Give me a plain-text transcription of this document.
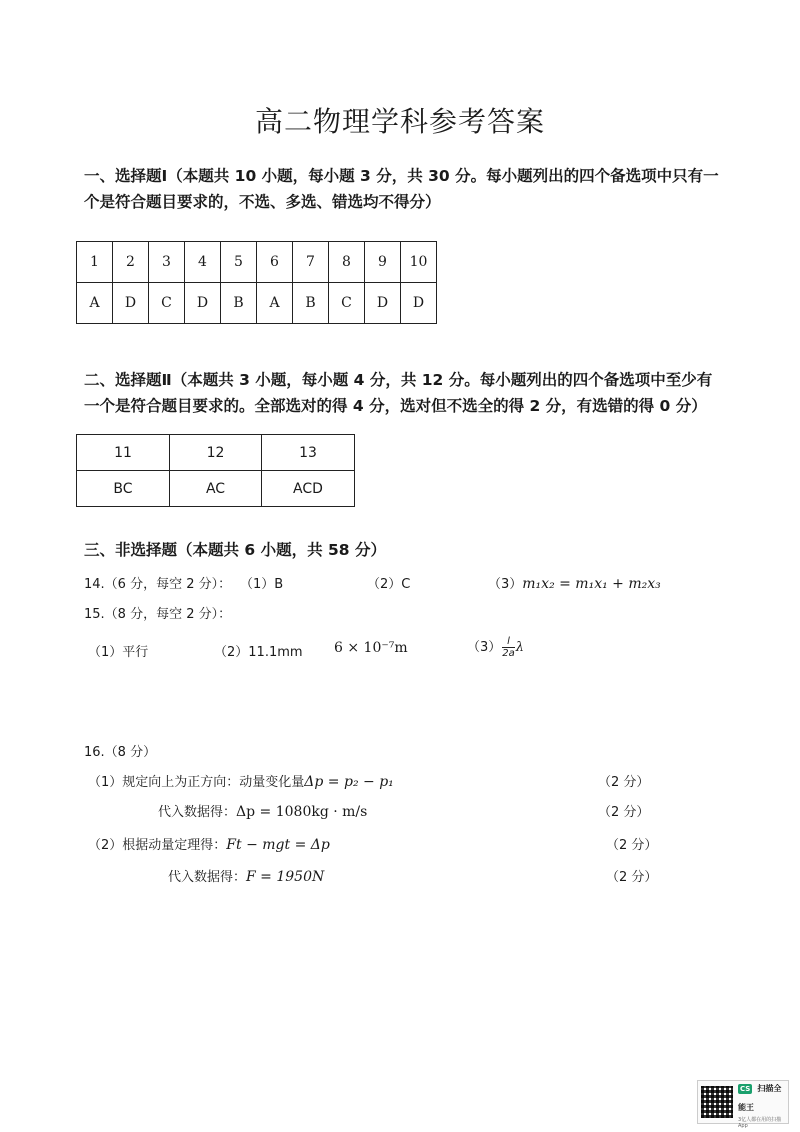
高二物理学科参考答案
一、选择题Ⅰ（本题共 10 小题，每小题 3 分，共 30 分。每小题列出的四个备选项中只有一
个是符合题目要求的，不选、多选、错选均不得分）
1	2	3	4	5	6	7	8	9	10
A	D	C	D	B	A	B	C	D	D
二、选择题Ⅱ（本题共 3 小题，每小题 4 分，共 12 分。每小题列出的四个备选项中至少有
一个是符合题目要求的。全部选对的得 4 分，选对但不选全的得 2 分，有选错的得 0 分）
11	12	13
BC	AC	ACD
三、非选择题（本题共 6 小题，共 58 分）
14.（6 分，每空 2 分）： （1）B	（2）C	（3）m₁x₂ = m₁x₁ + m₂x₃
15.（8 分，每空 2 分）：
（1）平行	（2）11.1mm 6 × 10⁻⁷m	$(3) \frac{l}{2a}$ λ
16.（8 分）
（1）规定向上为正方向：动量变化量Δp = p₂ − p₁	（2 分）
代入数据得：Δp = 1080kg · m/s	（2 分）
（2）根据动量定理得：Ft − mgt = Δp	（2 分）
代入数据得：F = 1950N	（2 分）
CS 扫描全能王
3亿人都在用的扫描App
